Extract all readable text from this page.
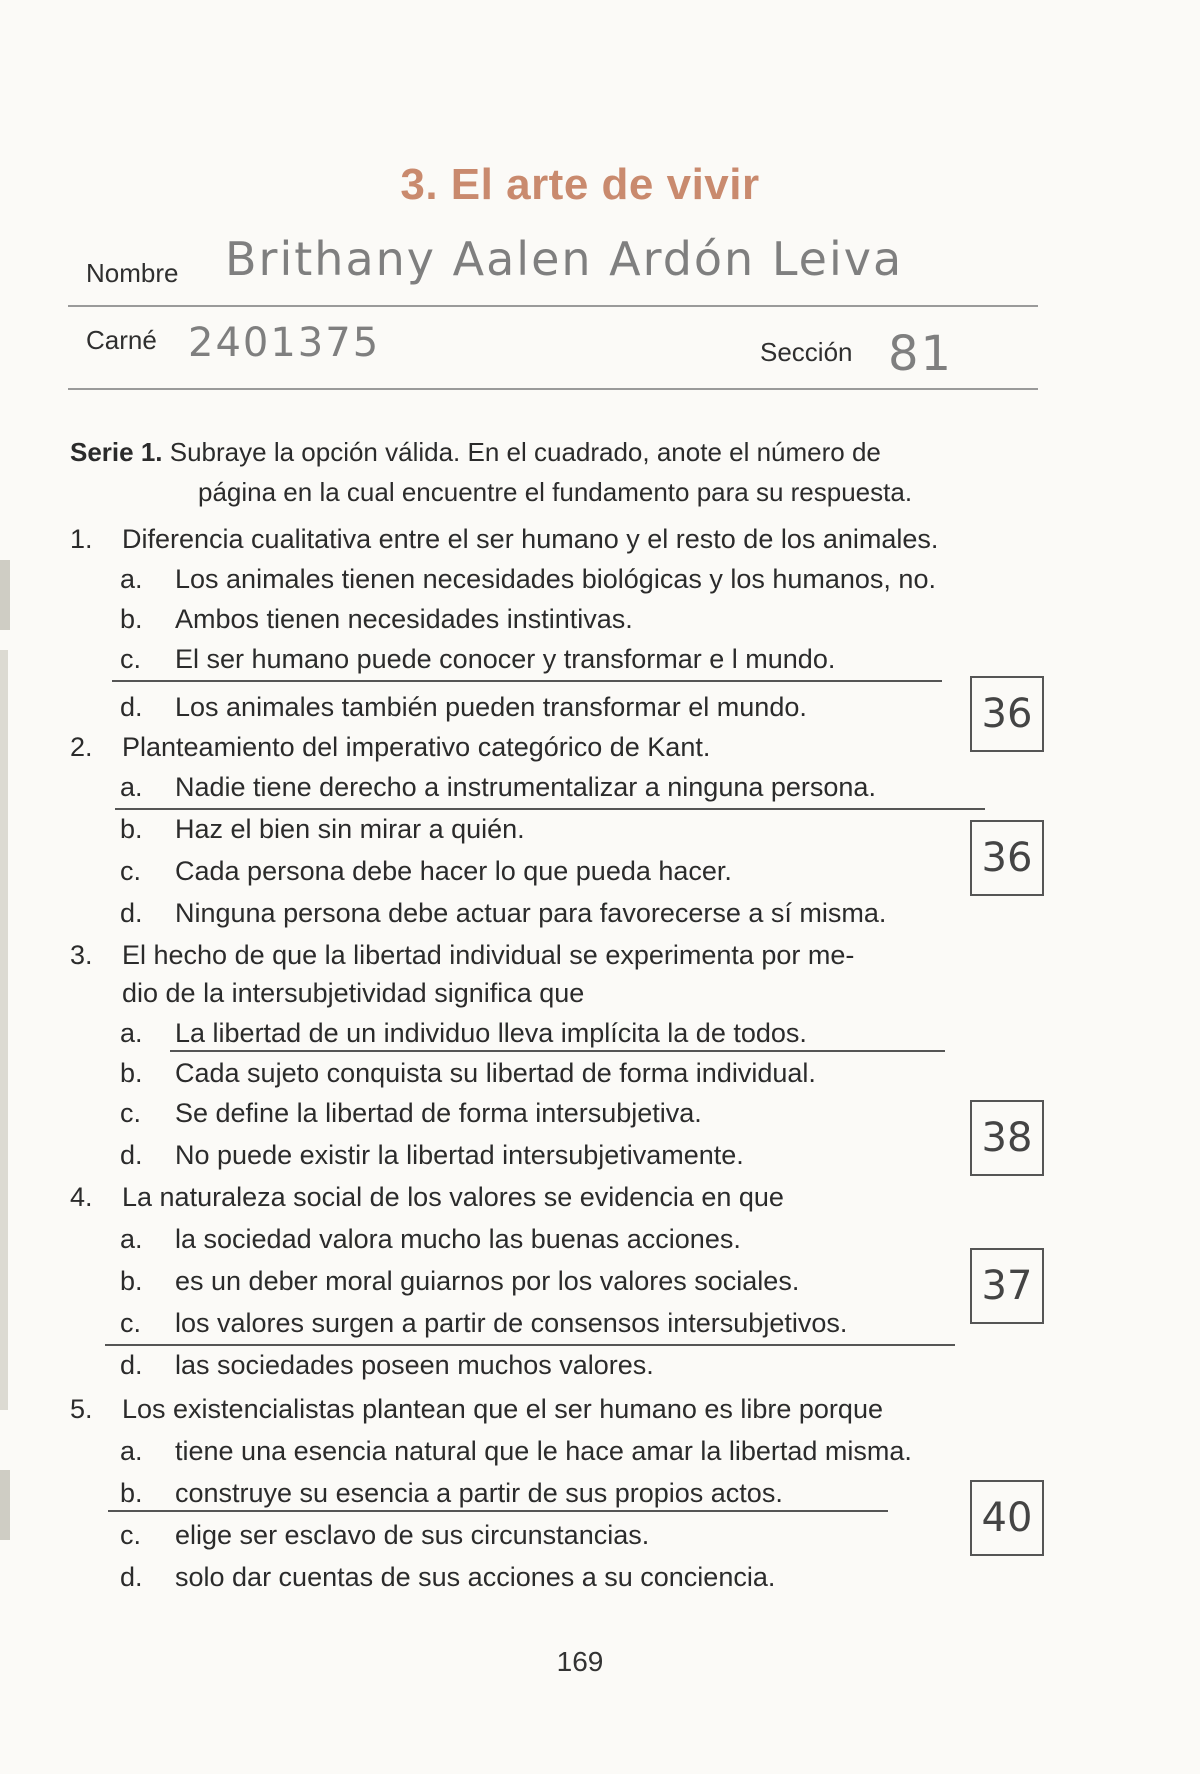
3. El arte de vivir
Nombre Brithany Aalen Ardón Leiva
Carné 2401375	Sección 81
Serie 1. Subraye la opción válida. En el cuadrado, anote el número de
página en la cual encuentre el fundamento para su respuesta.
1. Diferencia cualitativa entre el ser humano y el resto de los animales.
a. Los animales tienen necesidades biológicas y los humanos, no.
b. Ambos tienen necesidades instintivas.
c. El ser humano puede conocer y transformar e l mundo.
d. Los animales también pueden transformar el mundo.	36
2. Planteamiento del imperativo categórico de Kant.
a. Nadie tiene derecho a instrumentalizar a ninguna persona.
b. Haz el bien sin mirar a quién.
c. Cada persona debe hacer lo que pueda hacer.
d. Ninguna persona debe actuar para favorecerse a sí misma.
36
3. El hecho de que la libertad individual se experimenta por me-
dio de la intersubjetividad significa que
a. La libertad de un individuo lleva implícita la de todos.
b. Cada sujeto conquista su libertad de forma individual.
c. Se define la libertad de forma intersubjetiva.
d. No puede existir la libertad intersubjetivamente.	38
4. La naturaleza social de los valores se evidencia en que
a. la sociedad valora mucho las buenas acciones.
b. es un deber moral guiarnos por los valores sociales.
c. los valores surgen a partir de consensos intersubjetivos.
d. las sociedades poseen muchos valores.
37
5. Los existencialistas plantean que el ser humano es libre porque
a. tiene una esencia natural que le hace amar la libertad misma.
b. construye su esencia a partir de sus propios actos.
c. elige ser esclavo de sus circunstancias.
d. solo dar cuentas de sus acciones a su conciencia.
40
169
